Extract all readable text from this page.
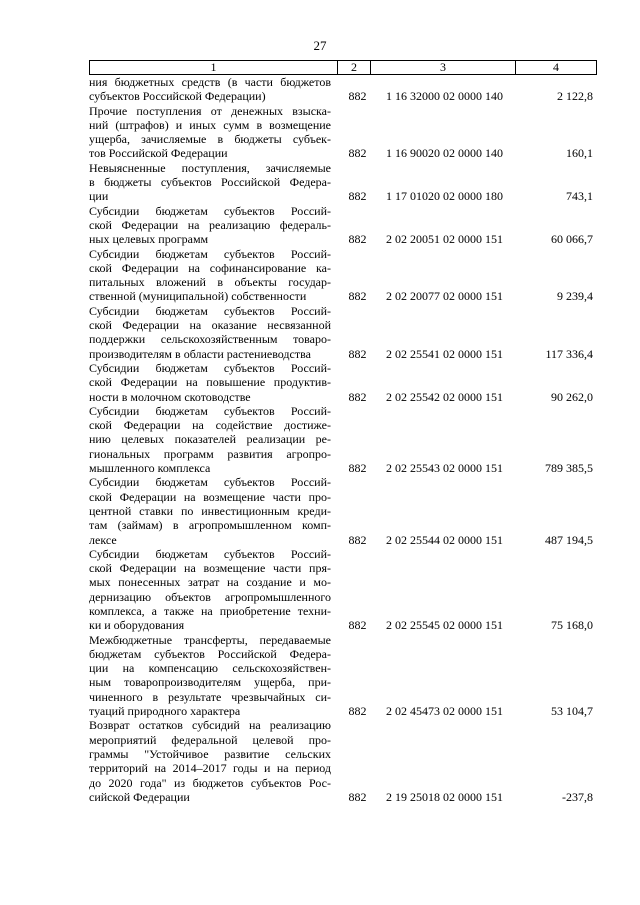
27
1	2	3	4
ния бюджетных средств (в части бюджетов
субъектов Российской Федерации)	882	1 16 32000 02 0000 140	2 122,8
Прочие поступления от денежных взыска-
ний (штрафов) и иных сумм в возмещение
ущерба, зачисляемые в бюджеты субъек-
тов Российской Федерации	882	1 16 90020 02 0000 140	160,1
Невыясненные поступления, зачисляемые
в бюджеты субъектов Российской Федера-
ции	882	1 17 01020 02 0000 180	743,1
Субсидии бюджетам субъектов Россий-
ской Федерации на реализацию федераль-
ных целевых программ	882	2 02 20051 02 0000 151	60 066,7
Субсидии бюджетам субъектов Россий-
ской Федерации на софинансирование ка-
питальных вложений в объекты государ-
ственной (муниципальной) собственности	882	2 02 20077 02 0000 151	9 239,4
Субсидии бюджетам субъектов Россий-
ской Федерации на оказание несвязанной
поддержки сельскохозяйственным товаро-
производителям в области растениеводства	882	2 02 25541 02 0000 151	117 336,4
Субсидии бюджетам субъектов Россий-
ской Федерации на повышение продуктив-
ности в молочном скотоводстве	882	2 02 25542 02 0000 151	90 262,0
Субсидии бюджетам субъектов Россий-
ской Федерации на содействие достиже-
нию целевых показателей реализации ре-
гиональных программ развития агропро-
мышленного комплекса	882	2 02 25543 02 0000 151	789 385,5
Субсидии бюджетам субъектов Россий-
ской Федерации на возмещение части про-
центной ставки по инвестиционным креди-
там (займам) в агропромышленном комп-
лексе	882	2 02 25544 02 0000 151	487 194,5
Субсидии бюджетам субъектов Россий-
ской Федерации на возмещение части пря-
мых понесенных затрат на создание и мо-
дернизацию объектов агропромышленного
комплекса, а также на приобретение техни-
ки и оборудования	882	2 02 25545 02 0000 151	75 168,0
Межбюджетные трансферты, передаваемые
бюджетам субъектов Российской Федера-
ции на компенсацию сельскохозяйствен-
ным товаропроизводителям ущерба, при-
чиненного в результате чрезвычайных си-
туаций природного характера	882	2 02 45473 02 0000 151	53 104,7
Возврат остатков субсидий на реализацию
мероприятий федеральной целевой про-
граммы "Устойчивое развитие сельских
территорий на 2014–2017 годы и на период
до 2020 года" из бюджетов субъектов Рос-
сийской Федерации	882	2 19 25018 02 0000 151	-237,8
